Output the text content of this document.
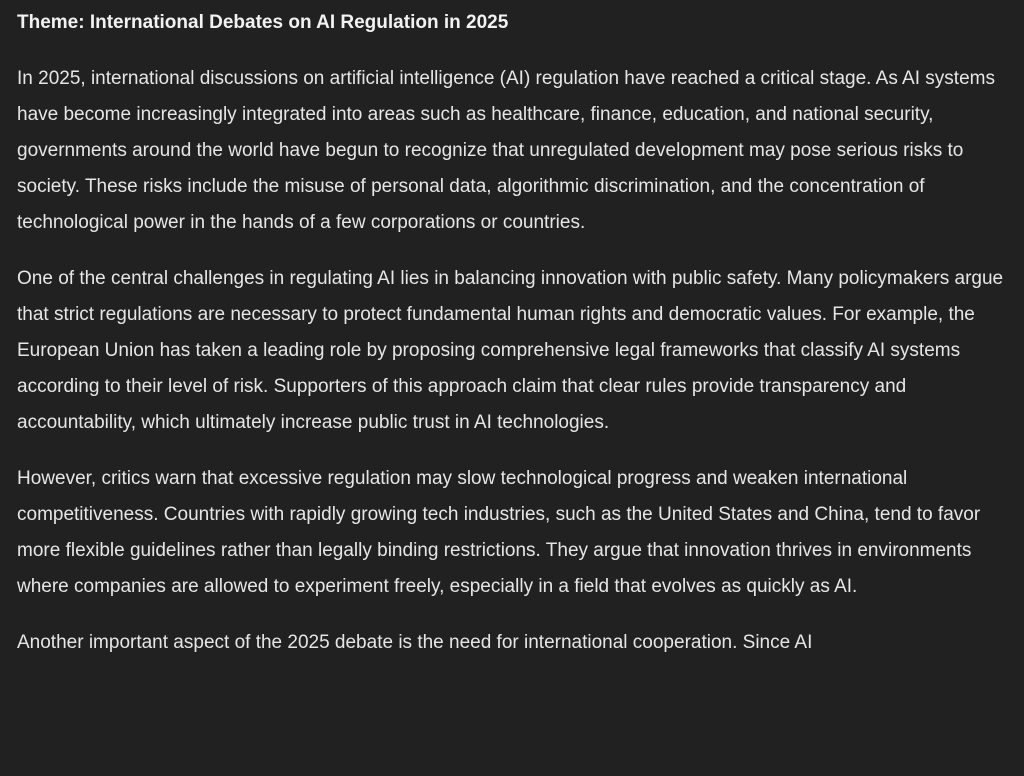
Theme: International Debates on AI Regulation in 2025

In 2025, international discussions on artificial intelligence (AI) regulation have reached a critical stage. As AI systems have become increasingly integrated into areas such as healthcare, finance, education, and national security, governments around the world have begun to recognize that unregulated development may pose serious risks to society. These risks include the misuse of personal data, algorithmic discrimination, and the concentration of technological power in the hands of a few corporations or countries.

One of the central challenges in regulating AI lies in balancing innovation with public safety. Many policymakers argue that strict regulations are necessary to protect fundamental human rights and democratic values. For example, the European Union has taken a leading role by proposing comprehensive legal frameworks that classify AI systems according to their level of risk. Supporters of this approach claim that clear rules provide transparency and accountability, which ultimately increase public trust in AI technologies.

However, critics warn that excessive regulation may slow technological progress and weaken international competitiveness. Countries with rapidly growing tech industries, such as the United States and China, tend to favor more flexible guidelines rather than legally binding restrictions. They argue that innovation thrives in environments where companies are allowed to experiment freely, especially in a field that evolves as quickly as AI.

Another important aspect of the 2025 debate is the need for international cooperation. Since AI
